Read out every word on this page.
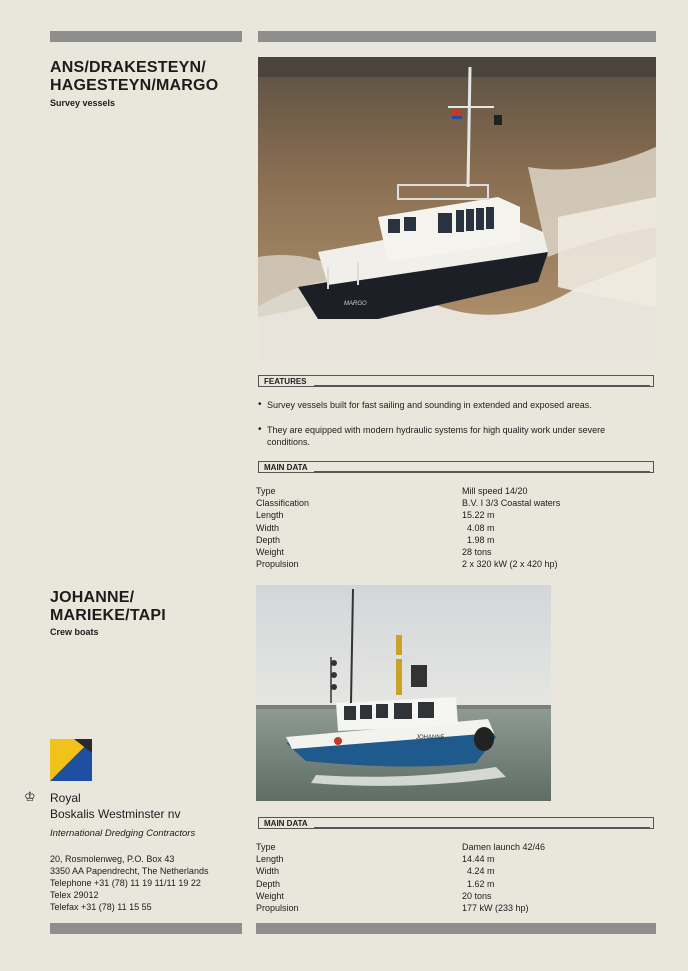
ANS/DRAKESTEYN/
HAGESTEYN/MARGO

Survey vessels

MARGO
FEATURES
• Survey vessels built for fast sailing and sounding in extended and exposed areas.
• They are equipped with modern hydraulic systems for high quality work under severe conditions.
MAIN DATA
Type	Mill speed 14/20
Classification	B.V. I 3/3 Coastal waters
Length	15.22 m
Width	4.08 m
Depth	1.98 m
Weight	28 tons
Propulsion	2 x 320 kW (2 x 420 hp)
JOHANNE/
MARIEKE/TAPI

Crew boats

JOHANNE
♔ Royal
Boskalis Westminster nv
International Dredging Contractors
20, Rosmolenweg, P.O. Box 43
3350 AA Papendrecht, The Netherlands
Telephone +31 (78) 11 19 11/11 19 22
Telex 29012
Telefax +31 (78) 11 15 55
MAIN DATA
Type	Damen launch 42/46
Length	14.44 m
Width	4.24 m
Depth	1.62 m
Weight	20 tons
Propulsion	177 kW (233 hp)
